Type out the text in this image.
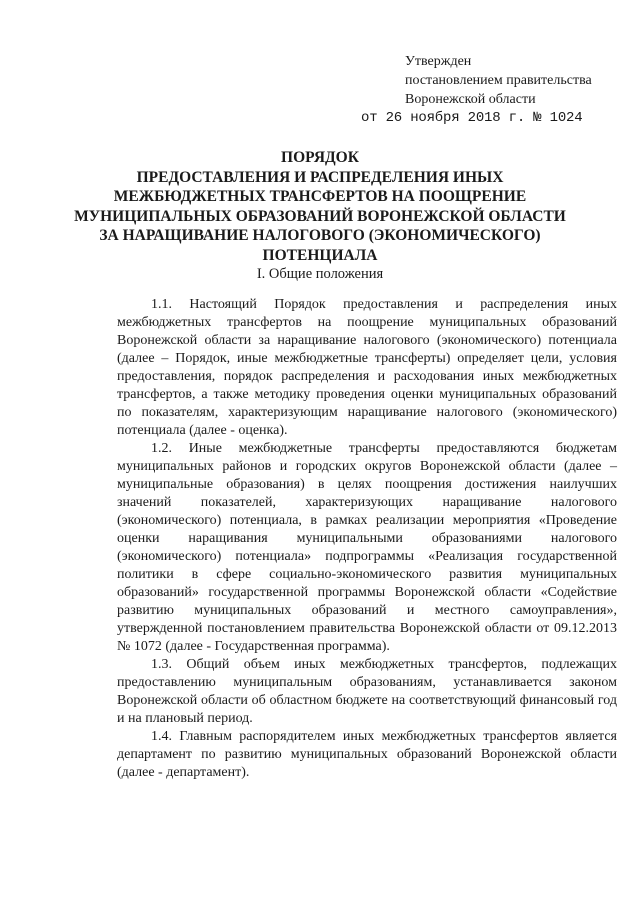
Утвержден
постановлением правительства
Воронежской области
от 26 ноября 2018 г. № 1024
ПОРЯДОК
ПРЕДОСТАВЛЕНИЯ И РАСПРЕДЕЛЕНИЯ ИНЫХ
МЕЖБЮДЖЕТНЫХ ТРАНСФЕРТОВ НА ПООЩРЕНИЕ
МУНИЦИПАЛЬНЫХ ОБРАЗОВАНИЙ ВОРОНЕЖСКОЙ ОБЛАСТИ
ЗА НАРАЩИВАНИЕ НАЛОГОВОГО (ЭКОНОМИЧЕСКОГО)
ПОТЕНЦИАЛА
I. Общие положения

1.1. Настоящий Порядок предоставления и распределения иных межбюджетных трансфертов на поощрение муниципальных образований Воронежской области за наращивание налогового (экономического) потенциала (далее – Порядок, иные межбюджетные трансферты) определяет цели, условия предоставления, порядок распределения и расходования иных межбюджетных трансфертов, а также методику проведения оценки муниципальных образований по показателям, характеризующим наращивание налогового (экономического) потенциала (далее - оценка).

1.2. Иные межбюджетные трансферты предоставляются бюджетам муниципальных районов и городских округов Воронежской области (далее – муниципальные образования) в целях поощрения достижения наилучших значений показателей, характеризующих наращивание налогового (экономического) потенциала, в рамках реализации мероприятия «Проведение оценки наращивания муниципальными образованиями налогового (экономического) потенциала» подпрограммы «Реализация государственной политики в сфере социально-экономического развития муниципальных образований» государственной программы Воронежской области «Содействие развитию муниципальных образований и местного самоуправления», утвержденной постановлением правительства Воронежской области от 09.12.2013 № 1072 (далее - Государственная программа).

1.3. Общий объем иных межбюджетных трансфертов, подлежащих предоставлению муниципальным образованиям, устанавливается законом Воронежской области об областном бюджете на соответствующий финансовый год и на плановый период.

1.4. Главным распорядителем иных межбюджетных трансфертов является департамент по развитию муниципальных образований Воронежской области (далее - департамент).
